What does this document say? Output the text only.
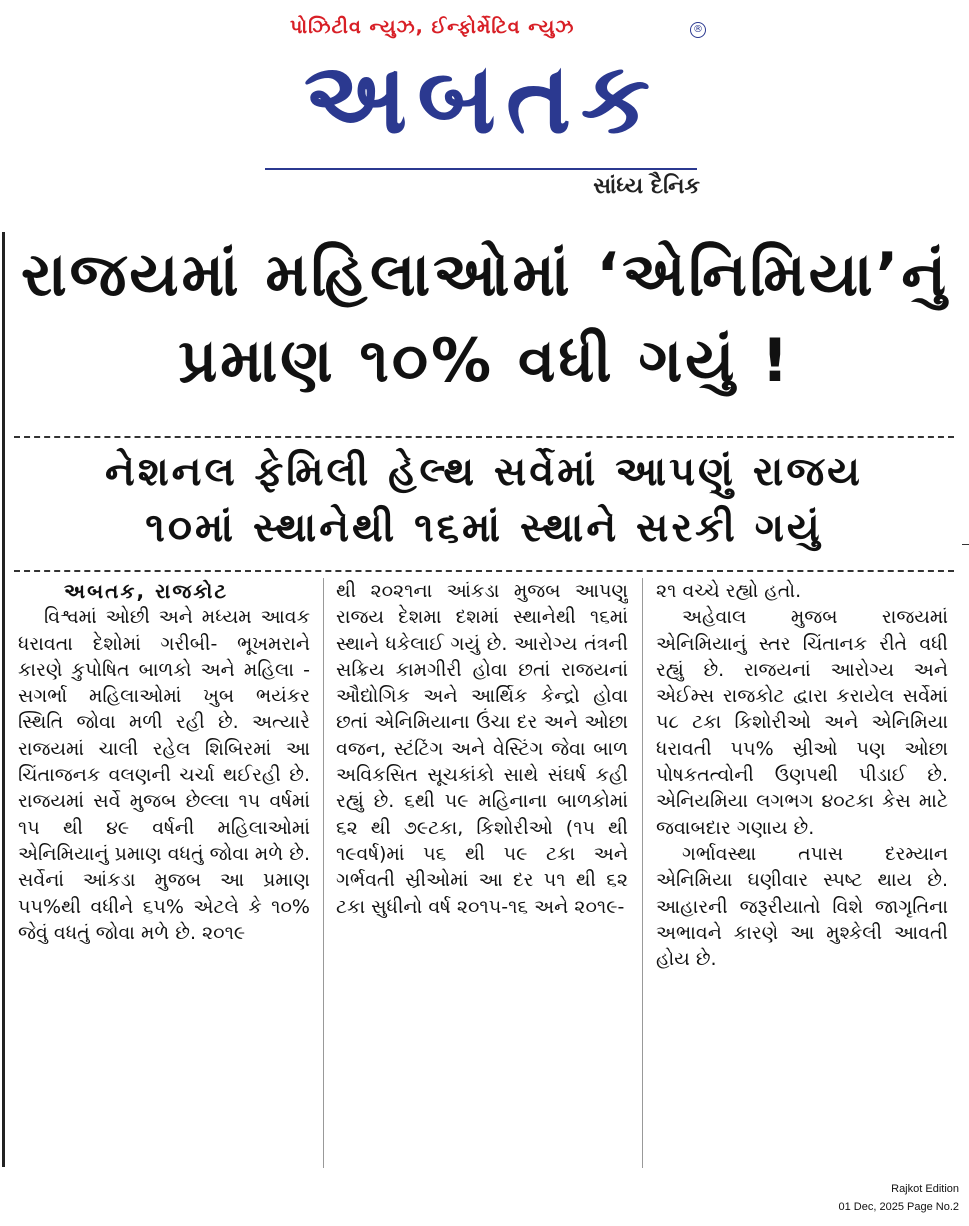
પોઝિટીવ ન્યુઝ, ઈન્ફોર્મેટિવ ન્યુઝ	®
અબતક
સાંધ્ય દૈનિક
રાજયમાં મહિલાઓમાં ‘એનિમિયા’નું
પ્રમાણ ૧૦% વધી ગયું !
નેશનલ ફેમિલી હેલ્થ સર્વેમાં આપણું રાજય
૧૦માં સ્થાનેથી ૧૬માં સ્થાને સરકી ગયું
અબતક, રાજકોટ

વિશ્વમાં ઓછી અને મધ્યમ આવક ધરાવતા દેશોમાં ગરીબી- ભૂખમરાને કારણે કુપોષિત બાળકો અને મહિલા - સગર્ભા મહિલાઓમાં ખુબ ભયંકર સ્થિતિ જોવા મળી રહી છે. અત્યારે રાજયમાં ચાલી રહેલ શિબિરમાં આ ચિંતાજનક વલણની ચર્ચા થઈરહી છે. રાજયમાં સર્વે મુજબ છેલ્લા ૧૫ વર્ષમાં ૧૫ થી ૪૯ વર્ષની મહિલાઓમાં એનિમિયાનું પ્રમાણ વધતું જોવા મળે છે. સર્વેનાં આંકડા મુજબ આ પ્રમાણ ૫૫%થી વધીને ૬૫% એટલે કે ૧૦% જેવું વધતું જોવા મળે છે. ૨૦૧૯

થી ૨૦૨૧ના આંકડા મુજબ આપણુ રાજય દેશમા દશમાં સ્થાનેથી ૧૬માં સ્થાને ધકેલાઈ ગયું છે. આરોગ્ય તંત્રની સક્રિય કામગીરી હોવા છતાં રાજયનાં ઔદ્યોગિક અને આર્થિક કેન્દ્રો હોવા છતાં એનિમિયાના ઉંચા દર અને ઓછા વજન, સ્ટંટિંગ અને વેસ્ટિંગ જેવા બાળ અવિકસિત સૂચકાંકો સાથે સંઘર્ષ કહી રહ્યું છે. ૬થી ૫૯ મહિનાના બાળકોમાં ૬૨ થી ૭૯ટકા, કિશોરીઓ (૧૫ થી ૧૯વર્ષ)માં ૫૬ થી ૫૯ ટકા અને ગર્ભવતી સ્રીઓમાં આ દર ૫૧ થી ૬૨ ટકા સુધીનો વર્ષ ૨૦૧૫-૧૬ અને ૨૦૧૯-

૨૧ વચ્ચે રહ્યો હતો.

અહેવાલ મુજબ રાજયમાં એનિમિયાનું સ્તર ચિંતાનક રીતે વધી રહ્યું છે. રાજયનાં આરોગ્ય અને એઈમ્સ રાજકોટ દ્વારા કરાયેલ સર્વેમાં ૫૮ ટકા કિશોરીઓ અને એનિમિયા ધરાવતી ૫૫% સ્રીઓ ૫ણ ઓછા પોષકતત્વોની ઉણપથી પીડાઈ છે. એનિયમિયા લગભગ ૪૦ટકા કેસ માટે જવાબદાર ગણાય છે.

ગર્ભાવસ્થા તપાસ દરમ્યાન એનિમિયા ઘણીવાર સ્પષ્ટ થાય છે. આહારની જરૂરીયાતો વિશે જાગૃતિના અભાવને કારણે આ મુશ્કેલી આવતી હોય છે.

Rajkot Edition
01 Dec, 2025 Page No.2
